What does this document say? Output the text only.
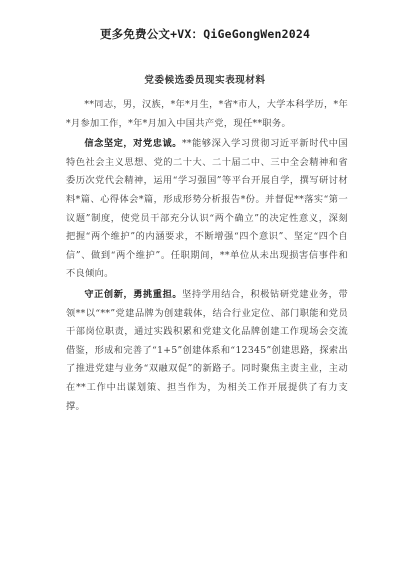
更多免费公文+VX：QiGeGongWen2024
党委候选委员现实表现材料

**同志，男，汉族，*年*月生，*省*市人，大学本科学历，*年*月参加工作，*年*月加入中国共产党，现任**职务。

信念坚定，对党忠诚。**能够深入学习贯彻习近平新时代中国特色社会主义思想、党的二十大、二十届二中、三中全会精神和省委历次党代会精神，运用“学习强国”等平台开展自学，撰写研讨材料*篇、心得体会*篇，形成形势分析报告*份。并督促**落实“第一议题”制度，使党员干部充分认识“两个确立”的决定性意义，深刻把握“两个维护”的内涵要求，不断增强“四个意识”、坚定“四个自信”、做到“两个维护”。任职期间，**单位从未出现损害信事件和不良倾向。

守正创新，勇挑重担。坚持学用结合，积极钻研党建业务，带领**以“**”党建品牌为创建载体，结合行业定位、部门职能和党员干部岗位职责，通过实践积累和党建文化品牌创建工作现场会交流借鉴，形成和完善了“1+5”创建体系和“12345”创建思路，探索出了推进党建与业务“双融双促”的新路子。同时聚焦主责主业，主动在**工作中出谋划策、担当作为，为相关工作开展提供了有力支撑。
